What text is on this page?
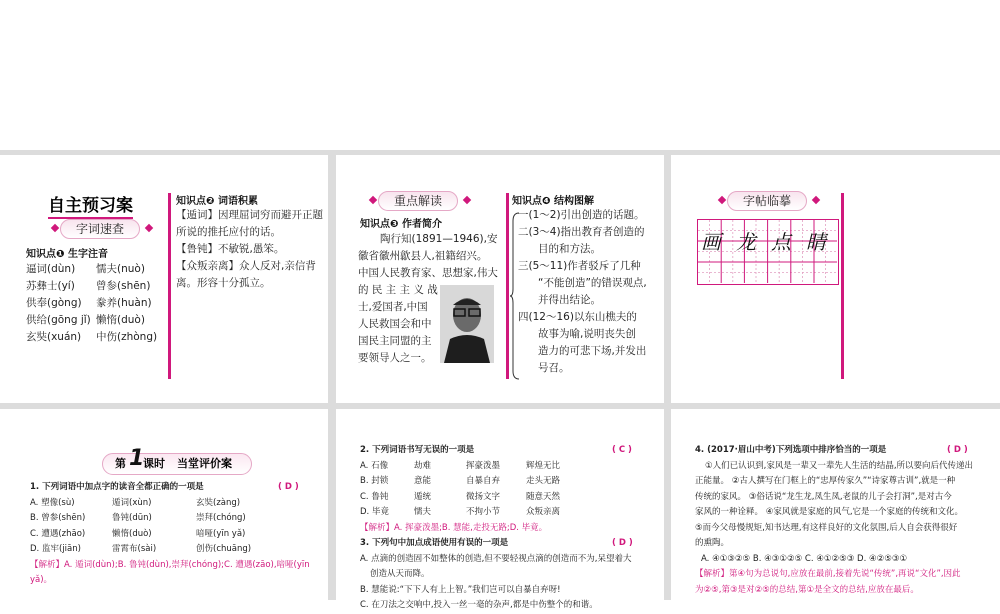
自主预习案
字词速查
知识点❶ 生字注音
逼词(dùn) 懦夫(nuò)
苏彝士(yí) 曾参(shēn)
供奉(gòng) 豢养(huàn)
供给(gōng jǐ) 懒惰(duò)
玄奘(xuán) 中伤(zhòng)
知识点❷ 词语积累
【遁词】因理屈词穷而避开正题
所说的推托应付的话。
【鲁钝】不敏锐,愚笨。
【众叛亲离】众人反对,亲信背
离。形容十分孤立。
重点解读
知识点❸ 作者简介
陶行知(1891—1946),安
徽省徽州歙县人,祖籍绍兴。
中国人民教育家、思想家,伟大
的 民 主 主 义 战
士,爱国者,中国
人民救国会和中
国民主同盟的主
要领导人之一。
知识点❹ 结构图解
一(1～2)引出创造的话题。
二(3～4)指出教育者创造的
目的和方法。
三(5～11)作者驳斥了几种
“不能创造”的错误观点,
并得出结论。
四(12～16)以东山樵夫的
故事为喻,说明丧失创
造力的可悲下场,并发出
号召。
字帖临摹
画 龙 点 睛
第 1
课时 当堂评价案
1. 下列词语中加点字的读音全都正确的一项是	( D )
A. 塑像(sù)	遁词(xùn)	玄奘(zàng)
B. 曾参(shēn)	鲁钝(dūn)	崇拜(chóng)
C. 遭遇(zhāo)	懒惰(duò)	喑哑(yīn yǎ)
D. 监牢(jiān)	雷霄布(sài)	创伤(chuāng)
【解析】A. 遁词(dùn);B. 鲁钝(dùn),崇拜(chóng);C. 遭遇(zāo),喑哑(yīn yǎ)。
2. 下列词语书写无误的一项是	( C )
A. 石像	劫难	挥豪泼墨	辉煌无比
B. 封锁	意能	自暴自弃	走头无路
C. 鲁钝	遁统	微扬文字	随意天然
D. 毕竟	懦夫	不拘小节	众叛亲离
【解析】A. 挥豪泼墨;B. 慧能,走投无路;D. 毕竟。
3. 下列句中加点成语使用有误的一项是	( D )
A. 点滴的创造固不如整体的创造,但不要轻视点滴的创造而不为,呆望着大
创造从天而降。
B. 慧能说:“下下人有上上智。”我们岂可以自暴自弃呀!
C. 在刀法之交响中,投入一丝一毫的杂声,都是中伤整个的和谐。
4. (2017·眉山中考)下列选项中排序恰当的一项是	( D )
①人们已认识到,家风是一辈又一辈先人生活的结晶,所以要向后代传递出
正能量。 ②古人撰写在门框上的“忠厚传家久”“诗家尊古训”,就是一种
传统的家风。 ③俗话说“龙生龙,凤生凤,老鼠的儿子会打洞”,是对古今
家风的一种诠释。 ④家风就是家庭的风气,它是一个家庭的传统和文化。
⑤而今父母慢规矩,知书达理,有这样良好的文化氛围,后人自会获得很好
的熏陶。
A. ④①③②⑤ B. ④③①②⑤ C. ④①②⑤③ D. ④②⑤③①
【解析】第④句为总说句,应放在最前,接着先说“传统”,再说“文化”,因此
为②⑤,第③是对②⑤的总结,第①是全文的总结,应放在最后。
